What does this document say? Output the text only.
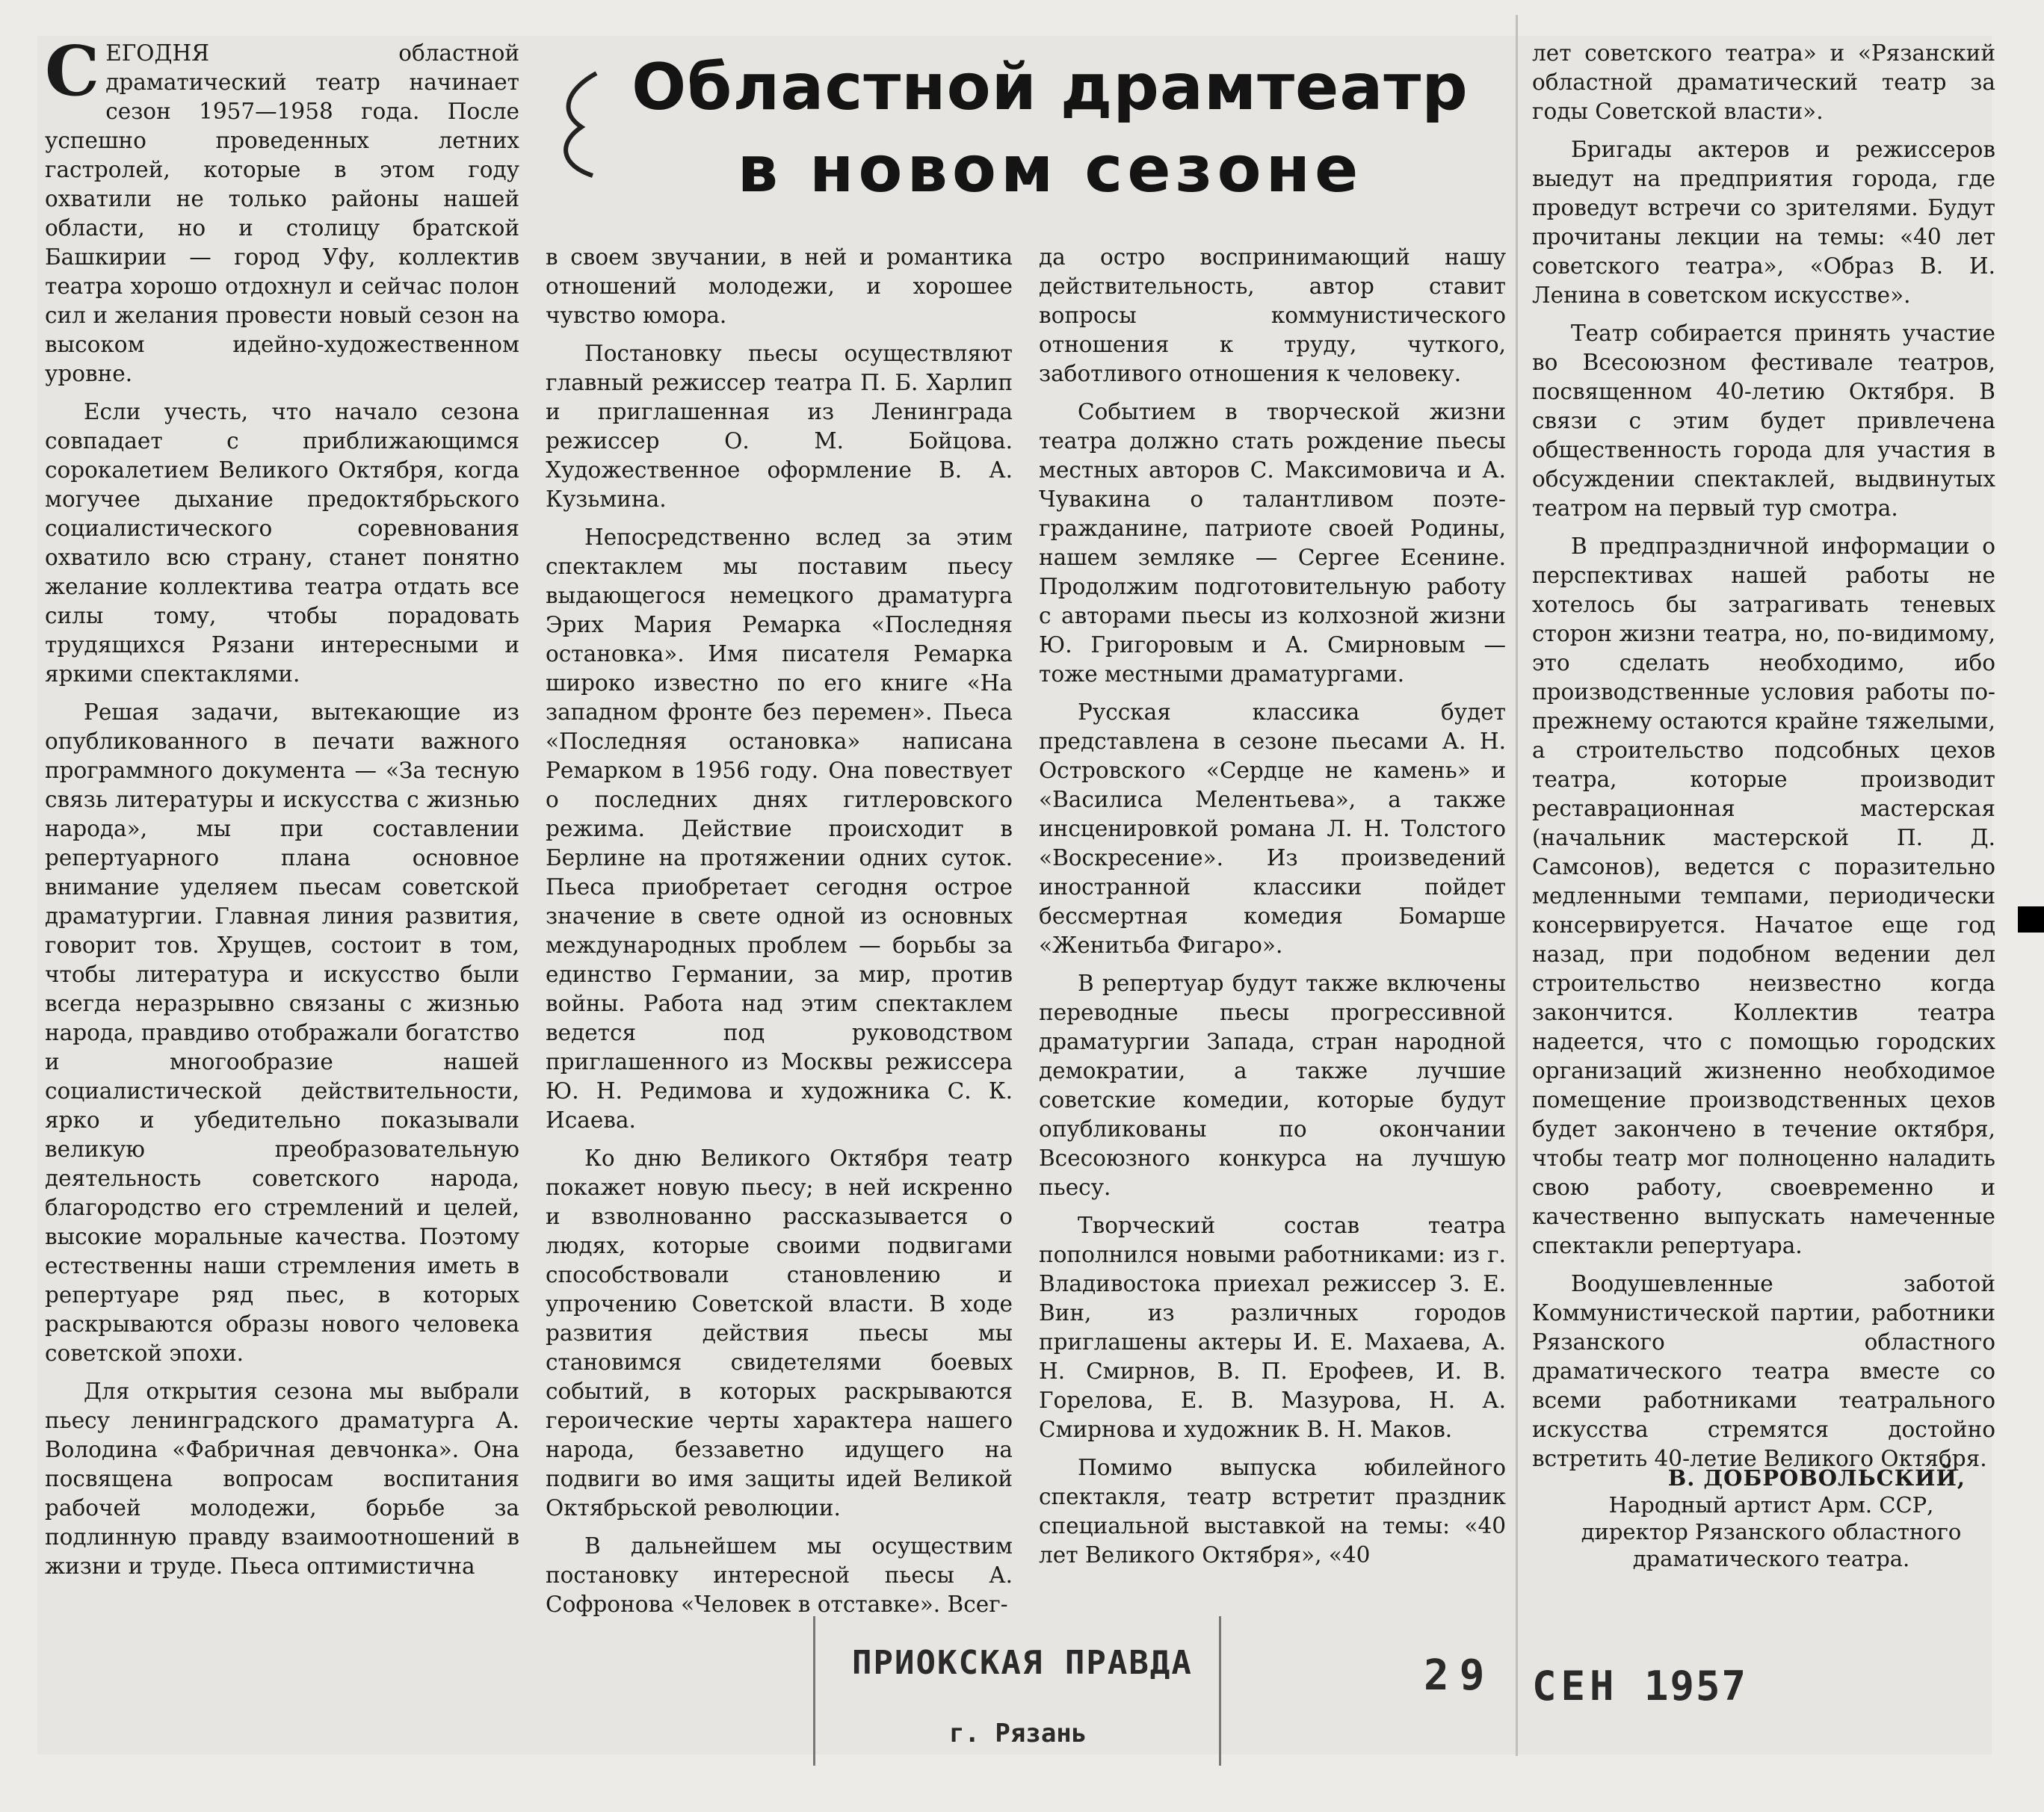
Областной драмтеатр
в новом сезоне

СЕГОДНЯ областной драматический театр начинает сезон 1957—1958 года. После успешно проведенных летних гастролей, которые в этом году охватили не только районы нашей области, но и столицу братской Башкирии — город Уфу, коллектив театра хорошо отдохнул и сейчас полон сил и желания провести новый сезон на высоком идейно-художественном уровне.

Если учесть, что начало сезона совпадает с приближающимся сорокалетием Великого Октября, когда могучее дыхание предоктябрьского социалистического соревнования охватило всю страну, станет понятно желание коллектива театра отдать все силы тому, чтобы порадовать трудящихся Рязани интересными и яркими спектаклями.

Решая задачи, вытекающие из опубликованного в печати важного программного документа — «За тесную связь литературы и искусства с жизнью народа», мы при составлении репертуарного плана основное внимание уделяем пьесам советской драматургии. Главная линия развития, говорит тов. Хрущев, состоит в том, чтобы литература и искусство были всегда неразрывно связаны с жизнью народа, правдиво отображали богатство и многообразие нашей социалистической действительности, ярко и убедительно показывали великую преобразовательную деятельность советского народа, благородство его стремлений и целей, высокие моральные качества. Поэтому естественны наши стремления иметь в репертуаре ряд пьес, в которых раскрываются образы нового человека советской эпохи.

Для открытия сезона мы выбрали пьесу ленинградского драматурга А. Володина «Фабричная девчонка». Она посвящена вопросам воспитания рабочей молодежи, борьбе за подлинную правду взаимоотношений в жизни и труде. Пьеса оптимистична

в своем звучании, в ней и романтика отношений молодежи, и хорошее чувство юмора.

Постановку пьесы осуществляют главный режиссер театра П. Б. Харлип и приглашенная из Ленинграда режиссер О. М. Бойцова. Художественное оформление В. А. Кузьмина.

Непосредственно вслед за этим спектаклем мы поставим пьесу выдающегося немецкого драматурга Эрих Мария Ремарка «Последняя остановка». Имя писателя Ремарка широко известно по его книге «На западном фронте без перемен». Пьеса «Последняя остановка» написана Ремарком в 1956 году. Она повествует о последних днях гитлеровского режима. Действие происходит в Берлине на протяжении одних суток. Пьеса приобретает сегодня острое значение в свете одной из основных международных проблем — борьбы за единство Германии, за мир, против войны. Работа над этим спектаклем ведется под руководством приглашенного из Москвы режиссера Ю. Н. Редимова и художника С. К. Исаева.

Ко дню Великого Октября театр покажет новую пьесу; в ней искренно и взволнованно рассказывается о людях, которые своими подвигами способствовали становлению и упрочению Советской власти. В ходе развития действия пьесы мы становимся свидетелями боевых событий, в которых раскрываются героические черты характера нашего народа, беззаветно идущего на подвиги во имя защиты идей Великой Октябрьской революции.

В дальнейшем мы осуществим постановку интересной пьесы А. Софронова «Человек в отставке». Всег-

да остро воспринимающий нашу действительность, автор ставит вопросы коммунистического отношения к труду, чуткого, заботливого отношения к человеку.

Событием в творческой жизни театра должно стать рождение пьесы местных авторов С. Максимовича и А. Чувакина о талантливом поэте-гражданине, патриоте своей Родины, нашем земляке — Сергее Есенине. Продолжим подготовительную работу с авторами пьесы из колхозной жизни Ю. Григоровым и А. Смирновым — тоже местными драматургами.

Русская классика будет представлена в сезоне пьесами А. Н. Островского «Сердце не камень» и «Василиса Мелентьева», а также инсценировкой романа Л. Н. Толстого «Воскресение». Из произведений иностранной классики пойдет бессмертная комедия Бомарше «Женитьба Фигаро».

В репертуар будут также включены переводные пьесы прогрессивной драматургии Запада, стран народной демократии, а также лучшие советские комедии, которые будут опубликованы по окончании Всесоюзного конкурса на лучшую пьесу.

Творческий состав театра пополнился новыми работниками: из г. Владивостока приехал режиссер З. Е. Вин, из различных городов приглашены актеры И. Е. Махаева, А. Н. Смирнов, В. П. Ерофеев, И. В. Горелова, Е. В. Мазурова, Н. А. Смирнова и художник В. Н. Маков.

Помимо выпуска юбилейного спектакля, театр встретит праздник специальной выставкой на темы: «40 лет Великого Октября», «40

лет советского театра» и «Рязанский областной драматический театр за годы Советской власти».

Бригады актеров и режиссеров выедут на предприятия города, где проведут встречи со зрителями. Будут прочитаны лекции на темы: «40 лет советского театра», «Образ В. И. Ленина в советском искусстве».

Театр собирается принять участие во Всесоюзном фестивале театров, посвященном 40-летию Октября. В связи с этим будет привлечена общественность города для участия в обсуждении спектаклей, выдвинутых театром на первый тур смотра.

В предпраздничной информации о перспективах нашей работы не хотелось бы затрагивать теневых сторон жизни театра, но, по-видимому, это сделать необходимо, ибо производственные условия работы по-прежнему остаются крайне тяжелыми, а строительство подсобных цехов театра, которые производит реставрационная мастерская (начальник мастерской П. Д. Самсонов), ведется с поразительно медленными темпами, периодически консервируется. Начатое еще год назад, при подобном ведении дел строительство неизвестно когда закончится. Коллектив театра надеется, что с помощью городских организаций жизненно необходимое помещение производственных цехов будет закончено в течение октября, чтобы театр мог полноценно наладить свою работу, своевременно и качественно выпускать намеченные спектакли репертуара.

Воодушевленные заботой Коммунистической партии, работники Рязанского областного драматического театра вместе со всеми работниками театрального искусства стремятся достойно встретить 40-летие Великого Октября.

В. ДОБРОВОЛЬСКИЙ,
Народный артист Арм. ССР,
директор Рязанского областного драматического театра.
ПРИОКСКАЯ ПРАВДА
г. Рязань
29 СЕН 1957
